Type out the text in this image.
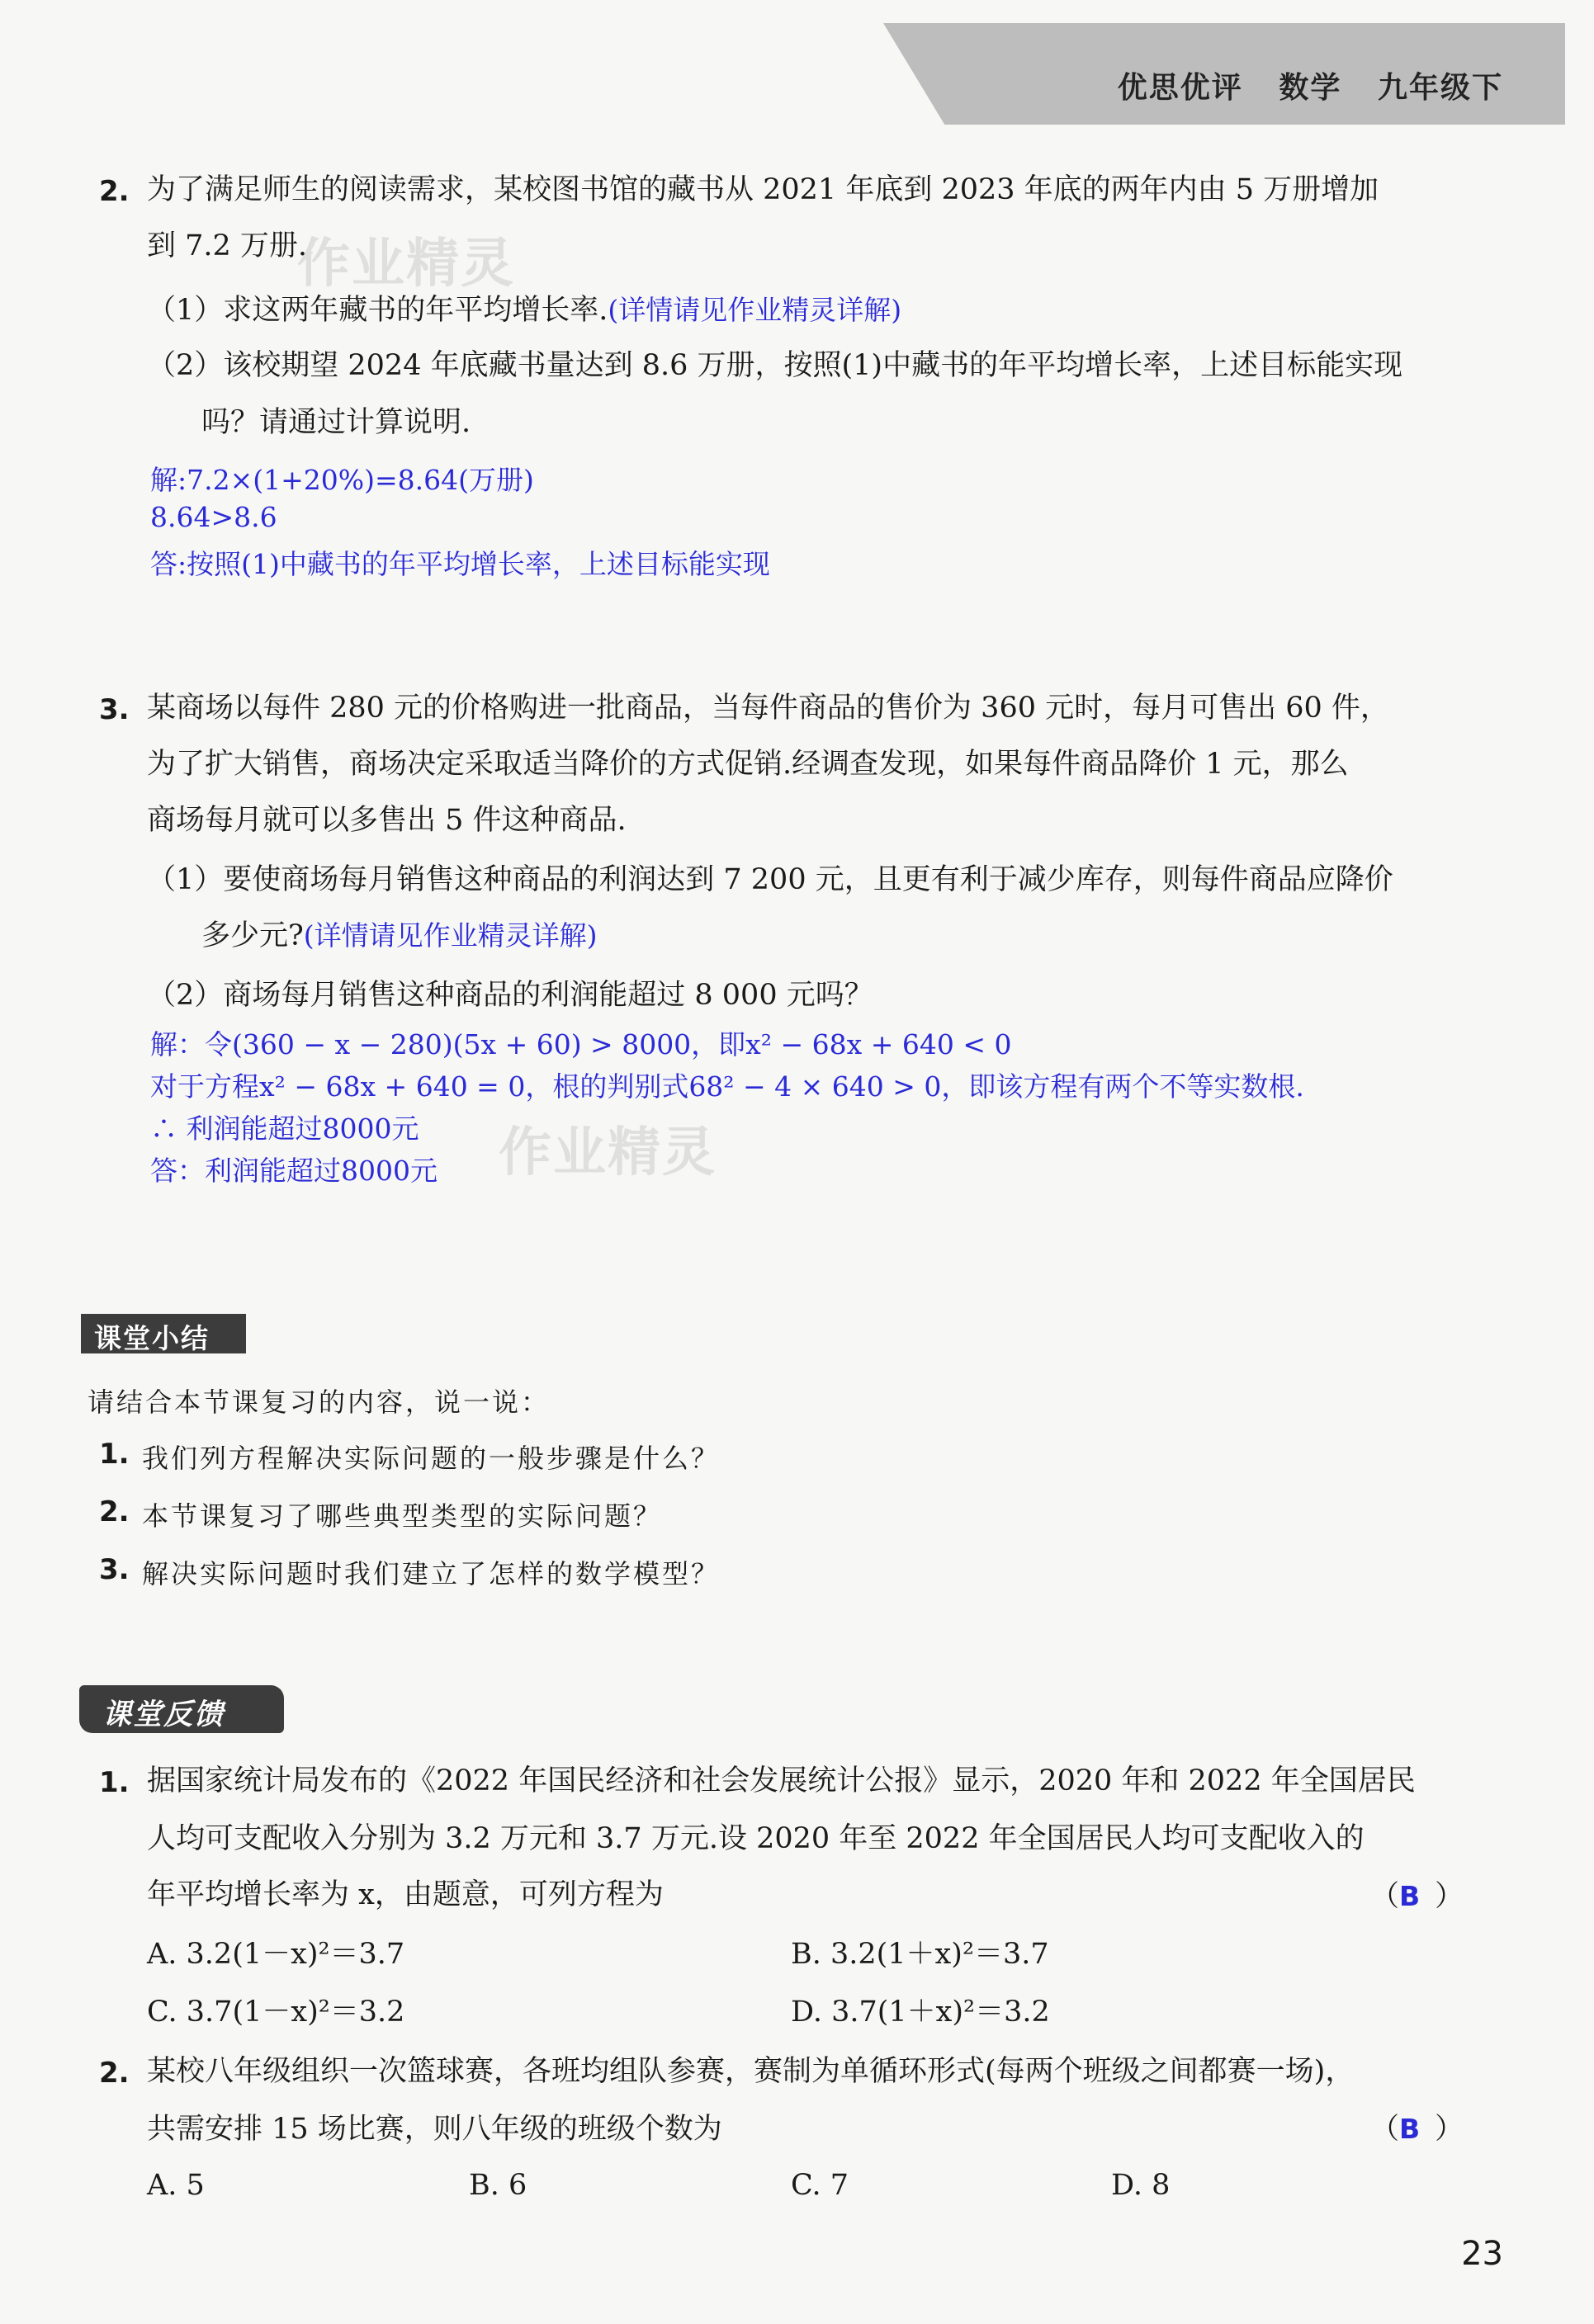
优思优评   数学   九年级下
2. 为了满足师生的阅读需求，某校图书馆的藏书从 2021 年底到 2023 年底的两年内由 5 万册增加
到 7.2 万册.
作业精灵
（1）求这两年藏书的年平均增长率.(详情请见作业精灵详解)
（2）该校期望 2024 年底藏书量达到 8.6 万册，按照(1)中藏书的年平均增长率，上述目标能实现
吗？请通过计算说明.
解:7.2×(1+20%)=8.64(万册)
8.64>8.6
答:按照(1)中藏书的年平均增长率，上述目标能实现
3. 某商场以每件 280 元的价格购进一批商品，当每件商品的售价为 360 元时，每月可售出 60 件，
为了扩大销售，商场决定采取适当降价的方式促销.经调查发现，如果每件商品降价 1 元，那么
商场每月就可以多售出 5 件这种商品.
（1）要使商场每月销售这种商品的利润达到 7 200 元，且更有利于减少库存，则每件商品应降价
多少元?(详情请见作业精灵详解)
（2）商场每月销售这种商品的利润能超过 8 000 元吗？
解：令(360 − x − 280)(5x + 60) > 8000，即x² − 68x + 640 < 0
对于方程x² − 68x + 640 = 0，根的判别式68² − 4 × 640 > 0，即该方程有两个不等实数根.
∴ 利润能超过8000元
答：利润能超过8000元 作业精灵
课堂小结
请结合本节课复习的内容，说一说：
1. 我们列方程解决实际问题的一般步骤是什么？
2. 本节课复习了哪些典型类型的实际问题？
3. 解决实际问题时我们建立了怎样的数学模型？
课堂反馈
1. 据国家统计局发布的《2022 年国民经济和社会发展统计公报》显示，2020 年和 2022 年全国居民
人均可支配收入分别为 3.2 万元和 3.7 万元.设 2020 年至 2022 年全国居民人均可支配收入的
年平均增长率为 x，由题意，可列方程为	（B ）
A. 3.2(1－x)²＝3.7	B. 3.2(1＋x)²＝3.7
C. 3.7(1－x)²＝3.2	D. 3.7(1＋x)²＝3.2
2. 某校八年级组织一次篮球赛，各班均组队参赛，赛制为单循环形式(每两个班级之间都赛一场)，
共需安排 15 场比赛，则八年级的班级个数为	（B ）
A. 5	B. 6	C. 7	D. 8
23
